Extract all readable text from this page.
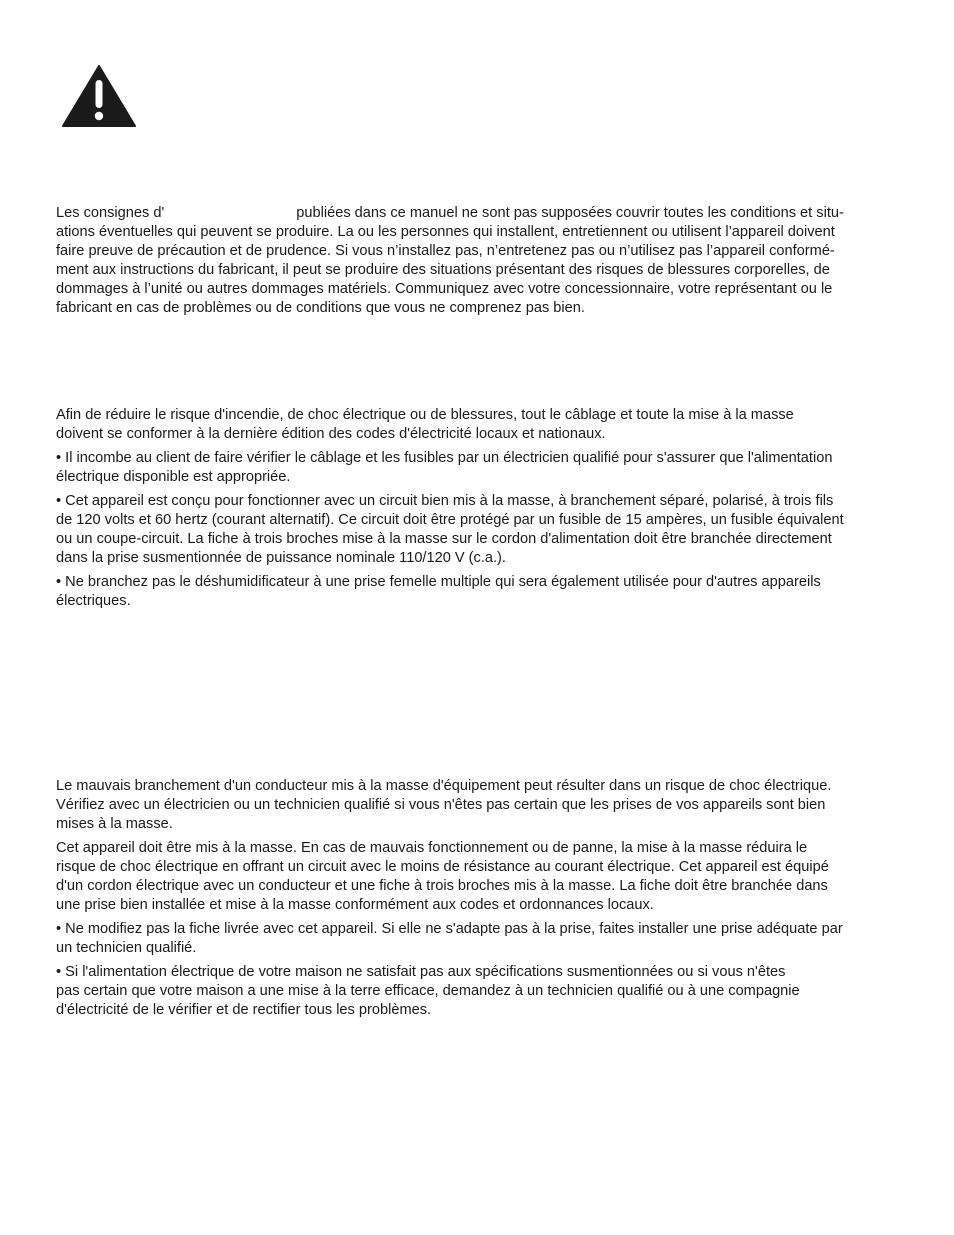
Les consignes d'	publiées dans ce manuel ne sont pas supposées couvrir toutes les conditions et situ-
ations éventuelles qui peuvent se produire. La ou les personnes qui installent, entretiennent ou utilisent l’appareil doivent
faire preuve de précaution et de prudence. Si vous n’installez pas, n’entretenez pas ou n’utilisez pas l’appareil conformé-
ment aux instructions du fabricant, il peut se produire des situations présentant des risques de blessures corporelles, de
dommages à l’unité ou autres dommages matériels. Communiquez avec votre concessionnaire, votre représentant ou le
fabricant en cas de problèmes ou de conditions que vous ne comprenez pas bien.

Afin de réduire le risque d'incendie, de choc électrique ou de blessures, tout le câblage et toute la mise à la masse
doivent se conformer à la dernière édition des codes d'électricité locaux et nationaux.

• Il incombe au client de faire vérifier le câblage et les fusibles par un électricien qualifié pour s'assurer que l'alimentation
électrique disponible est appropriée.

• Cet appareil est conçu pour fonctionner avec un circuit bien mis à la masse, à branchement séparé, polarisé, à trois fils
de 120 volts et 60 hertz (courant alternatif). Ce circuit doit être protégé par un fusible de 15 ampères, un fusible équivalent
ou un coupe-circuit. La fiche à trois broches mise à la masse sur le cordon d'alimentation doit être branchée directement
dans la prise susmentionnée de puissance nominale 110/120 V (c.a.).

• Ne branchez pas le déshumidificateur à une prise femelle multiple qui sera également utilisée pour d'autres appareils
électriques.

Le mauvais branchement d'un conducteur mis à la masse d'équipement peut résulter dans un risque de choc électrique.
Vérifiez avec un électricien ou un technicien qualifié si vous n'êtes pas certain que les prises de vos appareils sont bien
mises à la masse.

Cet appareil doit être mis à la masse. En cas de mauvais fonctionnement ou de panne, la mise à la masse réduira le
risque de choc électrique en offrant un circuit avec le moins de résistance au courant électrique. Cet appareil est équipé
d'un cordon électrique avec un conducteur et une fiche à trois broches mis à la masse. La fiche doit être branchée dans
une prise bien installée et mise à la masse conformément aux codes et ordonnances locaux.

• Ne modifiez pas la fiche livrée avec cet appareil. Si elle ne s'adapte pas à la prise, faites installer une prise adéquate par
un technicien qualifié.

• Si l'alimentation électrique de votre maison ne satisfait pas aux spécifications susmentionnées ou si vous n'êtes
pas certain que votre maison a une mise à la terre efficace, demandez à un technicien qualifié ou à une compagnie
d'électricité de le vérifier et de rectifier tous les problèmes.
